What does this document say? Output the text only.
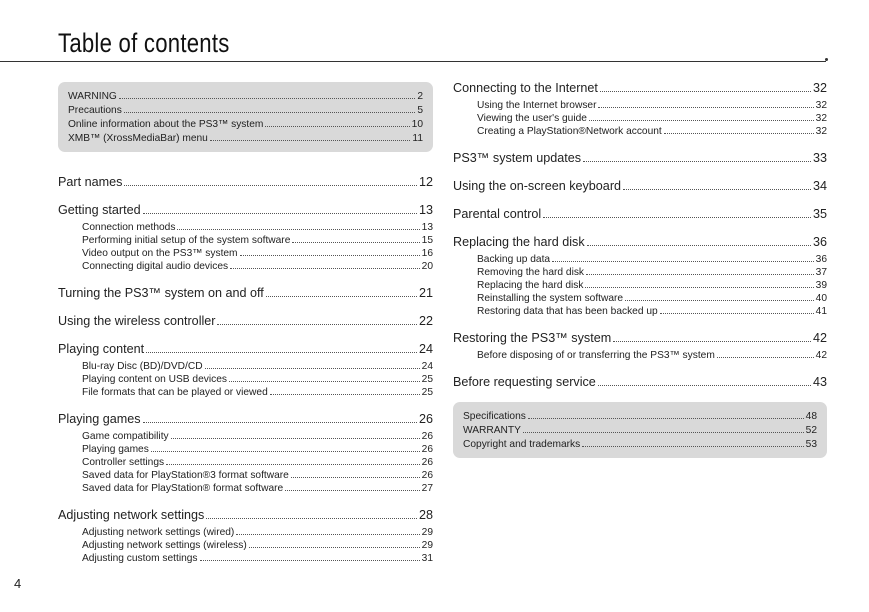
Table of contents
WARNING	2
Precautions	5
Online information about the PS3™ system	10
XMB™ (XrossMediaBar) menu	11
Part names	12
Getting started	13
Connection methods	13
Performing initial setup of the system software	15
Video output on the PS3™ system	16
Connecting digital audio devices	20
Turning the PS3™ system on and off	21
Using the wireless controller	22
Playing content	24
Blu-ray Disc (BD)/DVD/CD	24
Playing content on USB devices	25
File formats that can be played or viewed	25
Playing games	26
Game compatibility	26
Playing games	26
Controller settings	26
Saved data for PlayStation®3 format software	26
Saved data for PlayStation® format software	27
Adjusting network settings	28
Adjusting network settings (wired)	29
Adjusting network settings (wireless)	29
Adjusting custom settings	31
Connecting to the Internet	32
Using the Internet browser	32
Viewing the user's guide	32
Creating a PlayStation®Network account	32
PS3™ system updates	33
Using the on-screen keyboard	34
Parental control	35
Replacing the hard disk	36
Backing up data	36
Removing the hard disk	37
Replacing the hard disk	39
Reinstalling the system software	40
Restoring data that has been backed up	41
Restoring the PS3™ system	42
Before disposing of or transferring the PS3™ system	42
Before requesting service	43
Specifications	48
WARRANTY	52
Copyright and trademarks	53
4
